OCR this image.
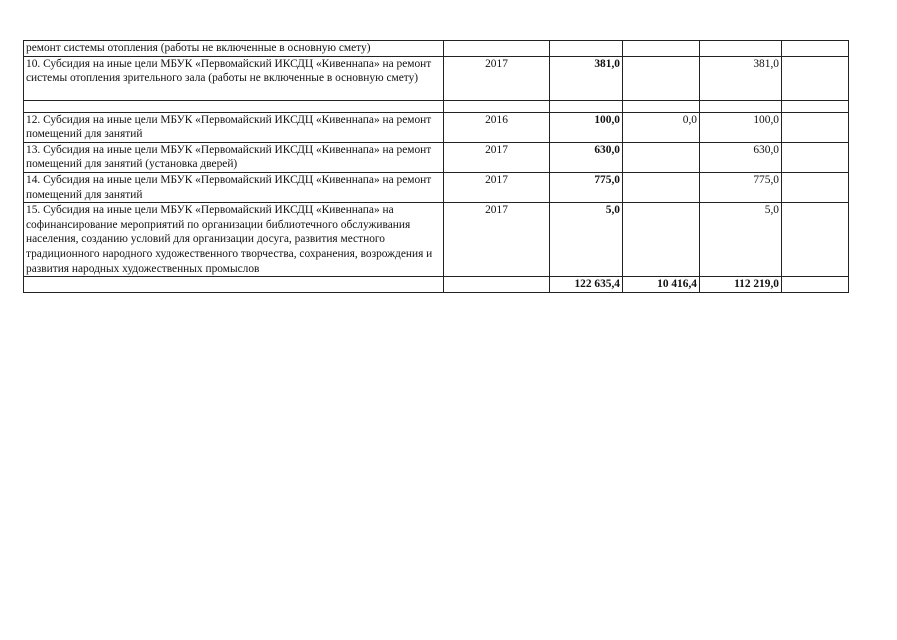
ремонт системы отопления (работы не включенные в основную смету)					
10. Субсидия на иные цели МБУК «Первомайский ИКСДЦ «Кивеннапа» на ремонт системы отопления зрительного зала (работы не включенные в основную смету)	2017	381,0		381,0	

12. Субсидия на иные цели МБУК «Первомайский ИКСДЦ «Кивеннапа» на ремонт помещений для занятий	2016	100,0	0,0	100,0	
13. Субсидия на иные цели МБУК «Первомайский ИКСДЦ «Кивеннапа» на ремонт помещений для занятий (установка дверей)	2017	630,0		630,0	
14. Субсидия на иные цели МБУК «Первомайский ИКСДЦ «Кивеннапа» на ремонт помещений для занятий	2017	775,0		775,0	
15. Субсидия на иные цели МБУК «Первомайский ИКСДЦ «Кивеннапа» на софинансирование мероприятий по организации библиотечного обслуживания населения, созданию условий для организации досуга, развития местного традиционного народного художественного творчества, сохранения, возрождения и развития народных художественных промыслов	2017	5,0		5,0	
		122 635,4	10 416,4	112 219,0	
